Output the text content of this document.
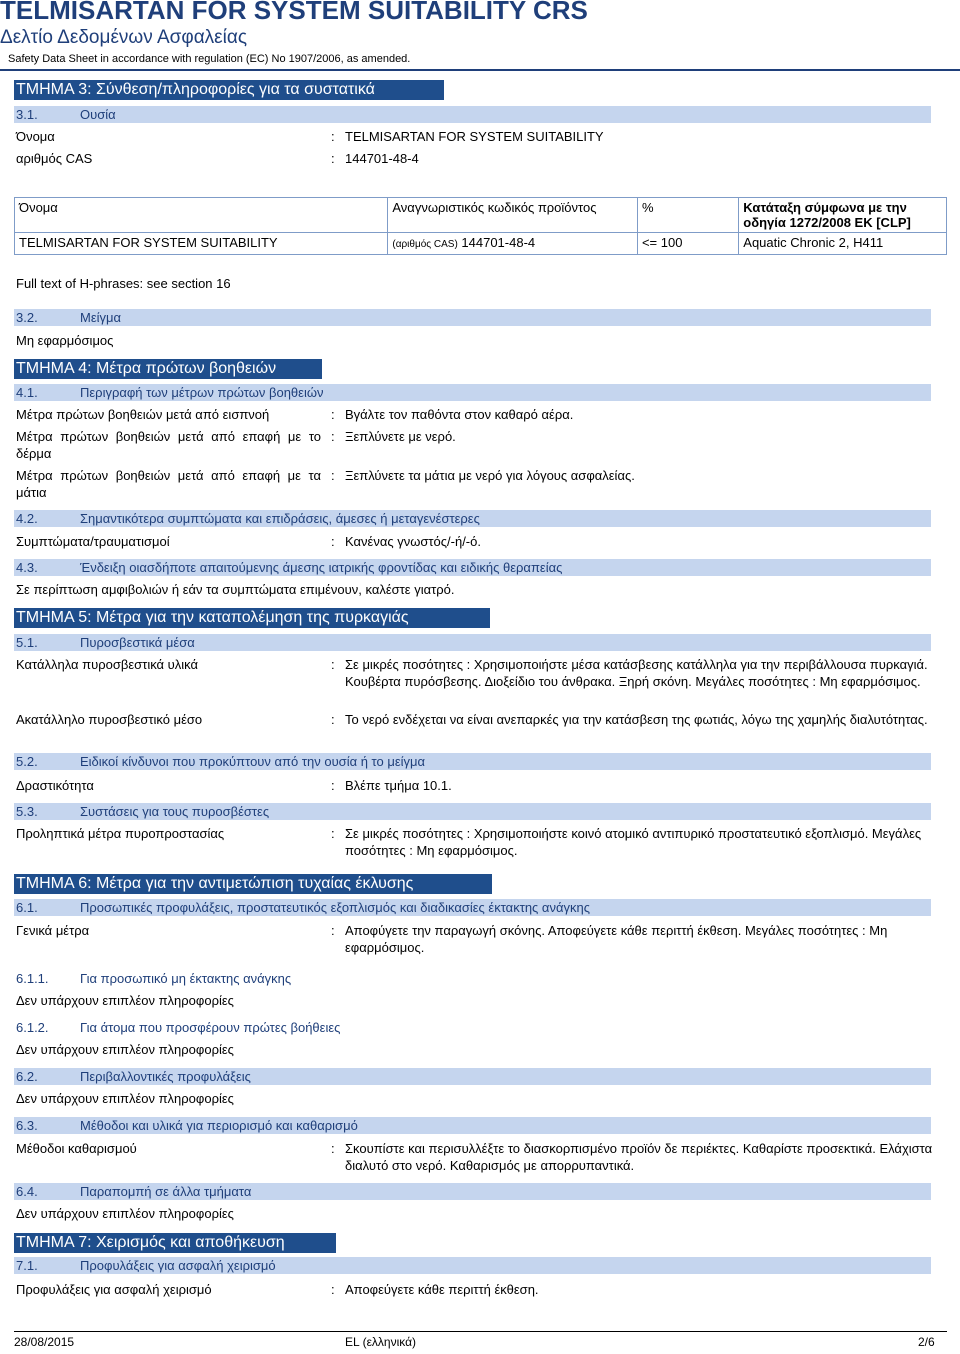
TELMISARTAN FOR SYSTEM SUITABILITY CRS
Δελτίο Δεδομένων Ασφαλείας
Safety Data Sheet in accordance with regulation (EC) No 1907/2006, as amended.
ΤΜΗΜΑ 3: Σύνθεση/πληροφορίες για τα συστατικά
3.1.	Ουσία
Όνομα	: TELMISARTAN FOR SYSTEM SUITABILITY
αριθμός CAS	: 144701-48-4
Όνομα	Αναγνωριστικός κωδικός προϊόντος	%	Κατάταξη σύμφωνα με την οδηγία 1272/2008 ΕΚ [CLP]
TELMISARTAN FOR SYSTEM SUITABILITY	(αριθμός CAS) 144701-48-4	<= 100	Aquatic Chronic 2, H411
Full text of H-phrases: see section 16
3.2.	Μείγμα
Μη εφαρμόσιμος
ΤΜΗΜΑ 4: Μέτρα πρώτων βοηθειών
4.1.	Περιγραφή των μέτρων πρώτων βοηθειών
Μέτρα πρώτων βοηθειών μετά από εισπνοή	: Βγάλτε τον παθόντα στον καθαρό αέρα.
Μέτρα πρώτων βοηθειών μετά από επαφή με το δέρμα
: Ξεπλύνετε με νερό.
Μέτρα πρώτων βοηθειών μετά από επαφή με τα μάτια
: Ξεπλύνετε τα μάτια με νερό για λόγους ασφαλείας.
4.2.	Σημαντικότερα συμπτώματα και επιδράσεις, άμεσες ή μεταγενέστερες
Συμπτώματα/τραυματισμοί	: Κανένας γνωστός/-ή/-ό.
4.3.	Ένδειξη οιασδήποτε απαιτούμενης άμεσης ιατρικής φροντίδας και ειδικής θεραπείας
Σε περίπτωση αμφιβολιών ή εάν τα συμπτώματα επιμένουν, καλέστε γιατρό.
ΤΜΗΜΑ 5: Μέτρα για την καταπολέμηση της πυρκαγιάς
5.1.	Πυροσβεστικά μέσα
Κατάλληλα πυροσβεστικά υλικά	: Σε μικρές ποσότητες : Χρησιμοποιήστε μέσα κατάσβεσης κατάλληλα για την περιβάλλουσα πυρκαγιά. Κουβέρτα πυρόσβεσης. Διοξείδιο του άνθρακα. Ξηρή σκόνη. Μεγάλες ποσότητες : Μη εφαρμόσιμος.
Ακατάλληλο πυροσβεστικό μέσο	: Το νερό ενδέχεται να είναι ανεπαρκές για την κατάσβεση της φωτιάς, λόγω της χαμηλής διαλυτότητας.
5.2.	Ειδικοί κίνδυνοι που προκύπτουν από την ουσία ή το μείγμα
Δραστικότητα	: Βλέπε τμήμα 10.1.
5.3.	Συστάσεις για τους πυροσβέστες
Προληπτικά μέτρα πυροπροστασίας	: Σε μικρές ποσότητες : Χρησιμοποιήστε κοινό ατομικό αντιπυρικό προστατευτικό εξοπλισμό. Μεγάλες ποσότητες : Μη εφαρμόσιμος.
ΤΜΗΜΑ 6: Μέτρα για την αντιμετώπιση τυχαίας έκλυσης
6.1.	Προσωπικές προφυλάξεις, προστατευτικός εξοπλισμός και διαδικασίες έκτακτης ανάγκης
Γενικά μέτρα	: Αποφύγετε την παραγωγή σκόνης. Αποφεύγετε κάθε περιττή έκθεση. Μεγάλες ποσότητες : Μη εφαρμόσιμος.
6.1.1. Για προσωπικό μη έκτακτης ανάγκης
Δεν υπάρχουν επιπλέον πληροφορίες
6.1.2. Για άτομα που προσφέρουν πρώτες βοήθειες
Δεν υπάρχουν επιπλέον πληροφορίες
6.2.	Περιβαλλοντικές προφυλάξεις
Δεν υπάρχουν επιπλέον πληροφορίες
6.3.	Μέθοδοι και υλικά για περιορισμό και καθαρισμό
Μέθοδοι καθαρισμού	: Σκουπίστε και περισυλλέξτε το διασκορπισμένο προϊόν δε περιέκτες. Καθαρίστε προσεκτικά. Ελάχιστα διαλυτό στο νερό. Καθαρισμός με απορρυπαντικά.
6.4.	Παραπομπή σε άλλα τμήματα
Δεν υπάρχουν επιπλέον πληροφορίες
ΤΜΗΜΑ 7: Χειρισμός και αποθήκευση
7.1.	Προφυλάξεις για ασφαλή χειρισμό
Προφυλάξεις για ασφαλή χειρισμό	: Αποφεύγετε κάθε περιττή έκθεση.
28/08/2015	EL (ελληνικά)	2/6
